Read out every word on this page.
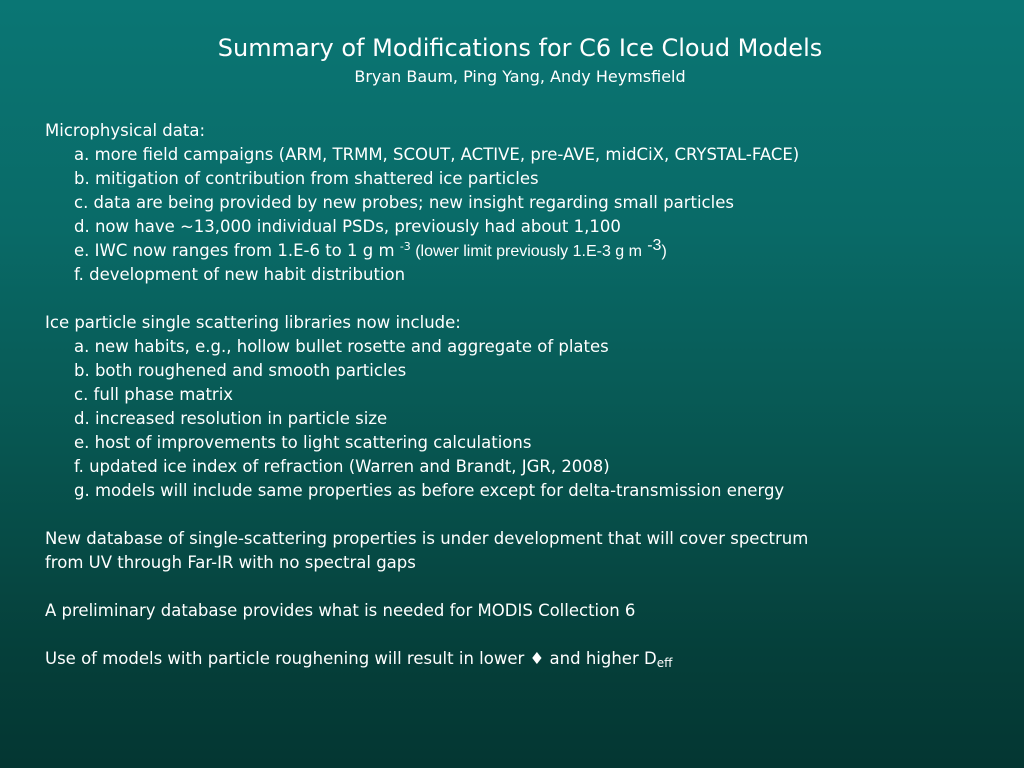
Summary of Modifications for C6 Ice Cloud Models
Bryan Baum, Ping Yang, Andy Heymsfield
Microphysical data:
a. more field campaigns (ARM, TRMM, SCOUT, ACTIVE, pre-AVE, midCiX, CRYSTAL-FACE)
b. mitigation of contribution from shattered ice particles
c. data are being provided by new probes; new insight regarding small particles
d. now have ~13,000 individual PSDs, previously had about 1,100
e. IWC now ranges from 1.E-6 to 1 g m $^{-3}$ (lower limit previously 1.E-3 g m $^{-3}$)
f. development of new habit distribution
Ice particle single scattering libraries now include:
a. new habits, e.g., hollow bullet rosette and aggregate of plates
b. both roughened and smooth particles
c. full phase matrix
d. increased resolution in particle size
e. host of improvements to light scattering calculations
f. updated ice index of refraction (Warren and Brandt, JGR, 2008)
g. models will include same properties as before except for delta-transmission energy
New database of single-scattering properties is under development that will cover spectrum
from UV through Far-IR with no spectral gaps
A preliminary database provides what is needed for MODIS Collection 6
Use of models with particle roughening will result in lower ♦ and higher $D_{eff}$
